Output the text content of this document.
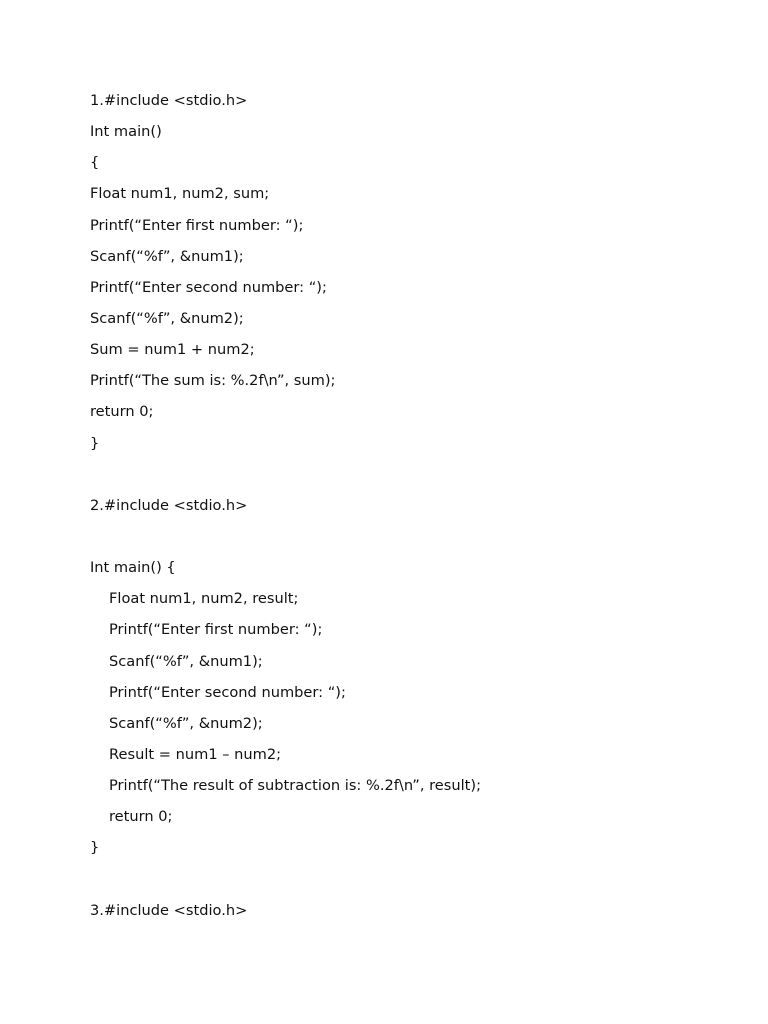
1.#include <stdio.h>
Int main()
{
Float num1, num2, sum;
Printf(“Enter first number: “);
Scanf(“%f”, &num1);
Printf(“Enter second number: “);
Scanf(“%f”, &num2);
Sum = num1 + num2;
Printf(“The sum is: %.2f\n”, sum);
return 0;
}
2.#include <stdio.h>
Int main() {
Float num1, num2, result;
Printf(“Enter first number: “);
Scanf(“%f”, &num1);
Printf(“Enter second number: “);
Scanf(“%f”, &num2);
Result = num1 – num2;
Printf(“The result of subtraction is: %.2f\n”, result);
return 0;
}
3.#include <stdio.h>
